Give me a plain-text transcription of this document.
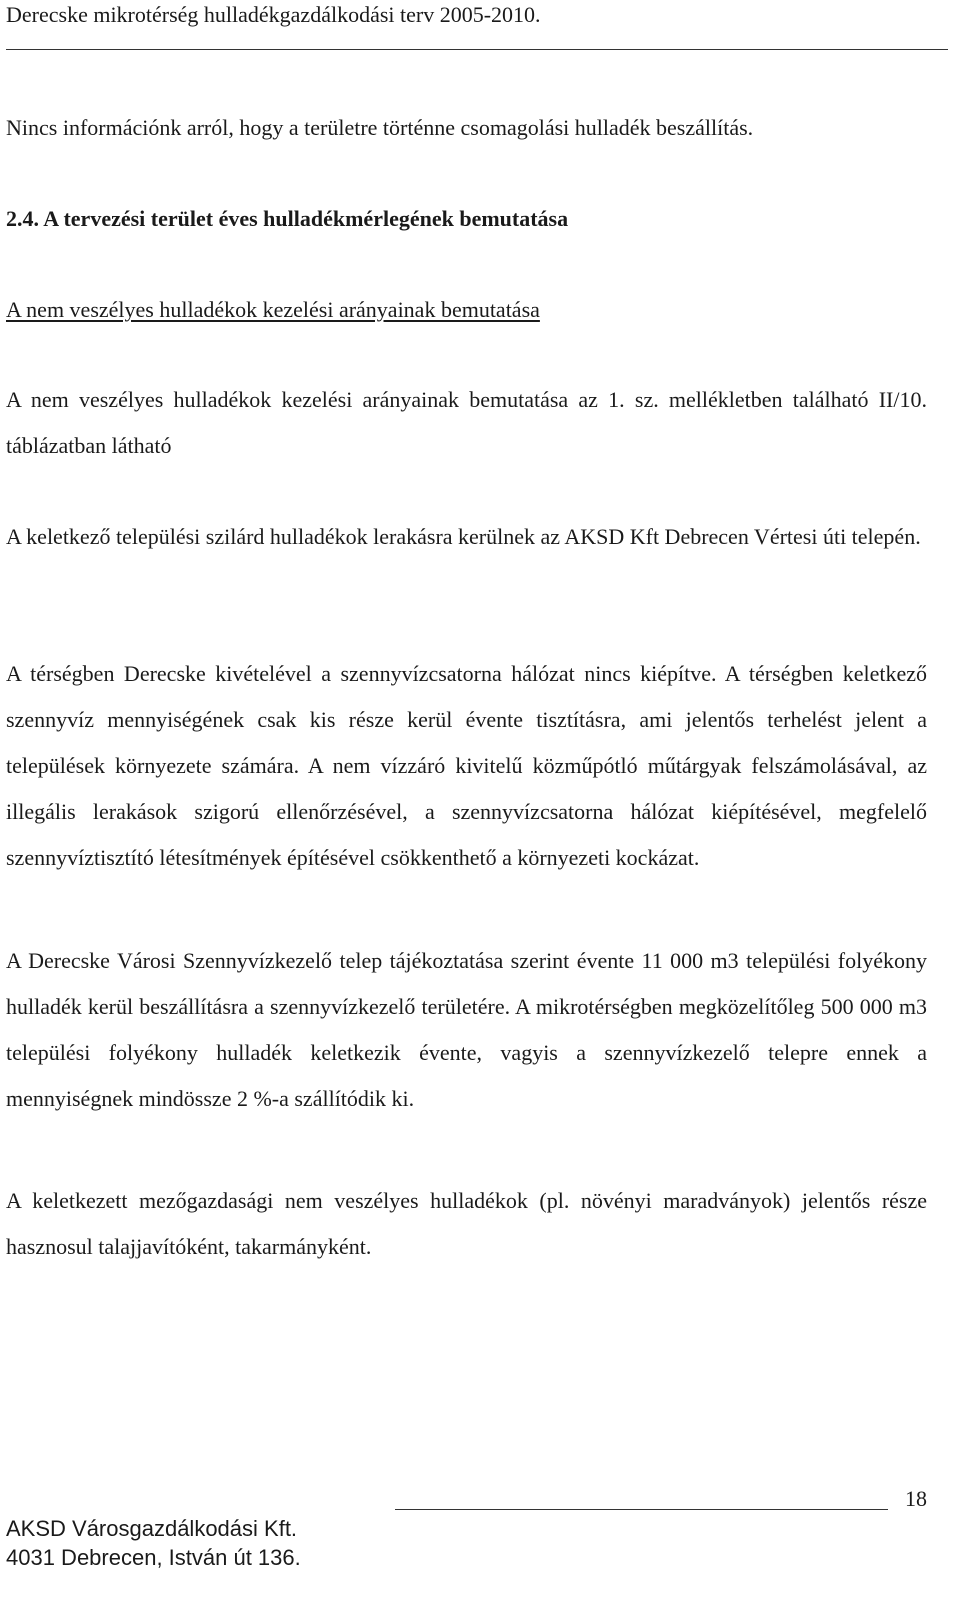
Derecske mikrotérség hulladékgazdálkodási terv 2005-2010.

Nincs információnk arról, hogy a területre történne csomagolási hulladék beszállítás.

2.4. A tervezési terület éves hulladékmérlegének bemutatása

A nem veszélyes hulladékok kezelési arányainak bemutatása

A nem veszélyes hulladékok kezelési arányainak bemutatása az 1. sz. mellékletben található II/10. táblázatban látható

A keletkező települési szilárd hulladékok lerakásra kerülnek az AKSD Kft Debrecen Vértesi úti telepén.

A térségben Derecske kivételével a szennyvízcsatorna hálózat nincs kiépítve. A térségben keletkező szennyvíz mennyiségének csak kis része kerül évente tisztításra, ami jelentős terhelést jelent a települések környezete számára. A nem vízzáró kivitelű közműpótló műtárgyak felszámolásával, az illegális lerakások szigorú ellenőrzésével, a szennyvízcsatorna hálózat kiépítésével, megfelelő szennyvíztisztító létesítmények építésével csökkenthető a környezeti kockázat.

A Derecske Városi Szennyvízkezelő telep tájékoztatása szerint évente 11 000 m3 települési folyékony hulladék kerül beszállításra a szennyvízkezelő területére. A mikrotérségben megközelítőleg 500 000 m3 települési folyékony hulladék keletkezik évente, vagyis a szennyvízkezelő telepre ennek a mennyiségnek mindössze 2 %-a szállítódik ki.

A keletkezett mezőgazdasági nem veszélyes hulladékok (pl. növényi maradványok) jelentős része hasznosul talajjavítóként, takarmányként.

18
AKSD Városgazdálkodási Kft.
4031 Debrecen, István út 136.
